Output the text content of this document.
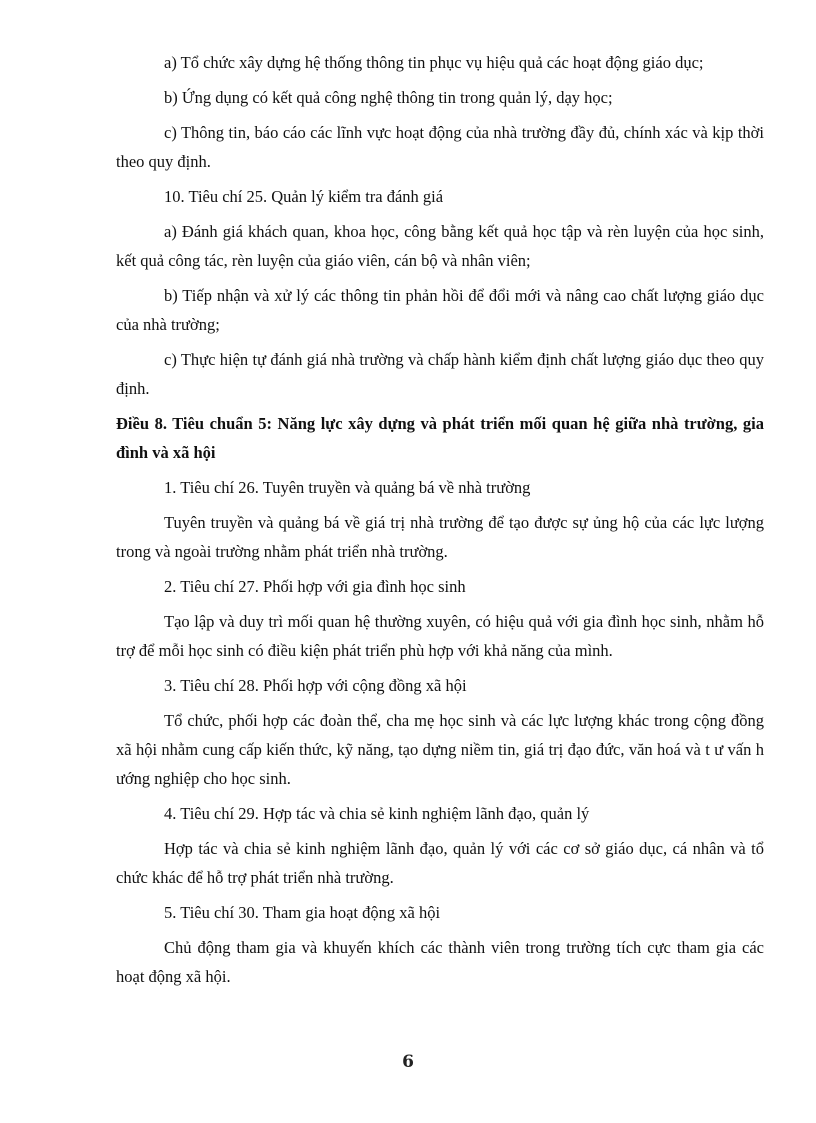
a) Tổ chức xây dựng hệ thống thông tin phục vụ hiệu quả các hoạt động giáo dục;

b) Ứng dụng có kết quả công nghệ thông tin trong quản lý, dạy học;

c) Thông tin, báo cáo các lĩnh vực hoạt động của nhà trường đầy đủ, chính xác và kịp thời theo quy định.

10. Tiêu chí 25. Quản lý kiểm tra đánh giá

a) Đánh giá khách quan, khoa học, công bằng kết quả học tập và rèn luyện của học sinh, kết quả công tác, rèn luyện của giáo viên, cán bộ và nhân viên;

b) Tiếp nhận và xử lý các thông tin phản hồi để đổi mới và nâng cao chất lượng giáo dục của nhà trường;

c) Thực hiện tự đánh giá nhà trường và chấp hành kiểm định chất lượng giáo dục theo quy định.

Điều 8. Tiêu chuẩn 5: Năng lực xây dựng và phát triển mối quan hệ giữa nhà trường, gia đình và xã hội

1. Tiêu chí 26. Tuyên truyền và quảng bá về nhà trường

Tuyên truyền và quảng bá về giá trị nhà trường để tạo được sự ủng hộ của các lực lượng trong và ngoài trường nhằm phát triển nhà trường.

2. Tiêu chí 27. Phối hợp với gia đình học sinh

Tạo lập và duy trì mối quan hệ thường xuyên, có hiệu quả với gia đình học sinh, nhằm hỗ trợ để mỗi học sinh có điều kiện phát triển phù hợp với khả năng của mình.

3. Tiêu chí 28. Phối hợp với cộng đồng xã hội

Tổ chức, phối hợp các đoàn thể, cha mẹ học sinh và các lực lượng khác trong cộng đồng xã hội nhằm cung cấp kiến thức, kỹ năng, tạo dựng niềm tin, giá trị đạo đức, văn hoá và t ư vấn h ướng nghiệp cho học sinh.

4. Tiêu chí 29. Hợp tác và chia sẻ kinh nghiệm lãnh đạo, quản lý

Hợp tác và chia sẻ kinh nghiệm lãnh đạo, quản lý với các cơ sở giáo dục, cá nhân và tổ chức khác để hỗ trợ phát triển nhà trường.

5. Tiêu chí 30. Tham gia hoạt động xã hội

Chủ động tham gia và khuyến khích các thành viên trong trường tích cực tham gia các hoạt động xã hội.

6
